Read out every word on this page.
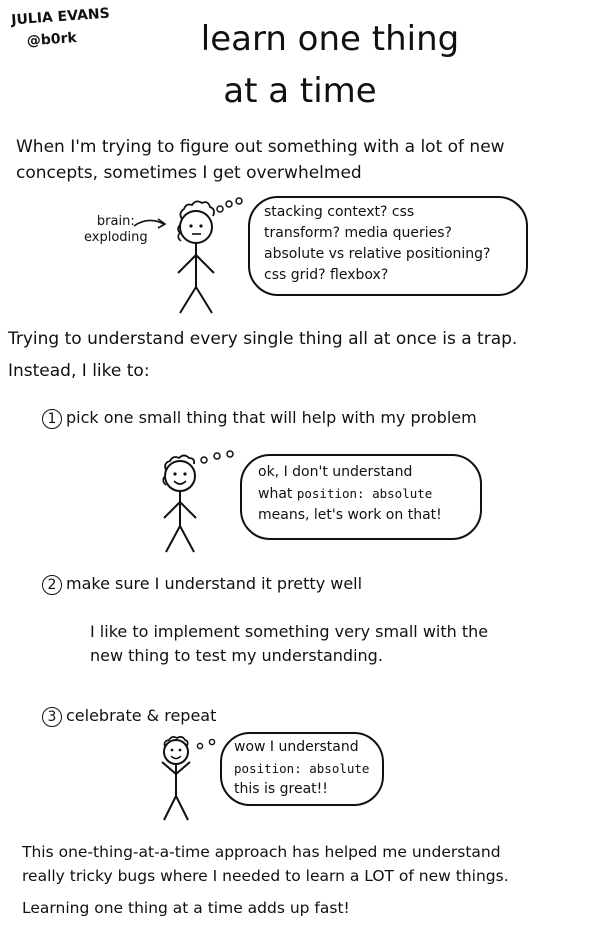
JULIA EVANS
@b0rk	learn one thing
at a time
When I'm trying to figure out something with a lot of new
concepts, sometimes I get overwhelmed
brain:
exploding
stacking context? css
transform? media queries?
absolute vs relative positioning?
css grid? flexbox?
Trying to understand every single thing all at once is a trap.
Instead, I like to:
1 pick one small thing that will help with my problem
ok, I don't understand
what position: absolute
means, let's work on that!
2 make sure I understand it pretty well
I like to implement something very small with the
new thing to test my understanding.
3 celebrate & repeat
wow I understand
position: absolute
this is great!!
This one-thing-at-a-time approach has helped me understand
really tricky bugs where I needed to learn a LOT of new things.
Learning one thing at a time adds up fast!
